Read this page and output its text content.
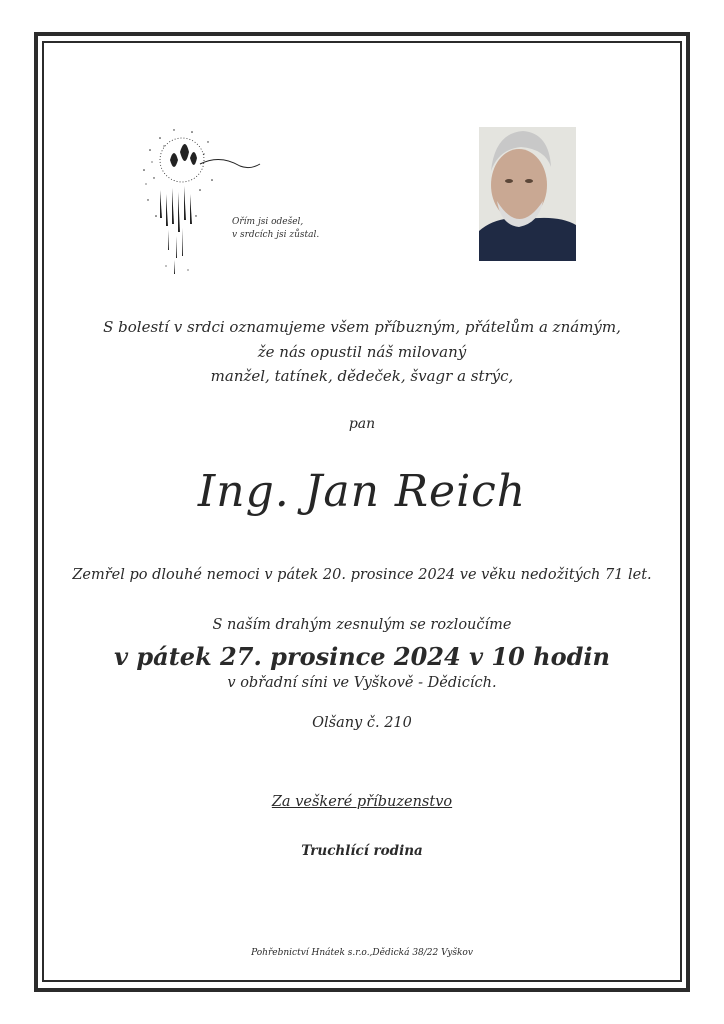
Ořím jsi odešel,
v srdcích jsi zůstal.
S bolestí v srdci oznamujeme všem příbuzným, přátelům a známým,
že nás opustil náš milovaný
manžel, tatínek, dědeček, švagr a strýc,
pan
Ing. Jan Reich
Zemřel po dlouhé nemoci v pátek 20. prosince 2024 ve věku nedožitých 71 let.
S naším drahým zesnulým se rozloučíme
v pátek 27. prosince 2024 v 10 hodin
v obřadní síni ve Vyškově - Dědicích.
Olšany č. 210
Za veškeré příbuzenstvo
Truchlící rodina
Pohřebnictví Hnátek s.r.o.,Dědická 38/22 Vyškov
